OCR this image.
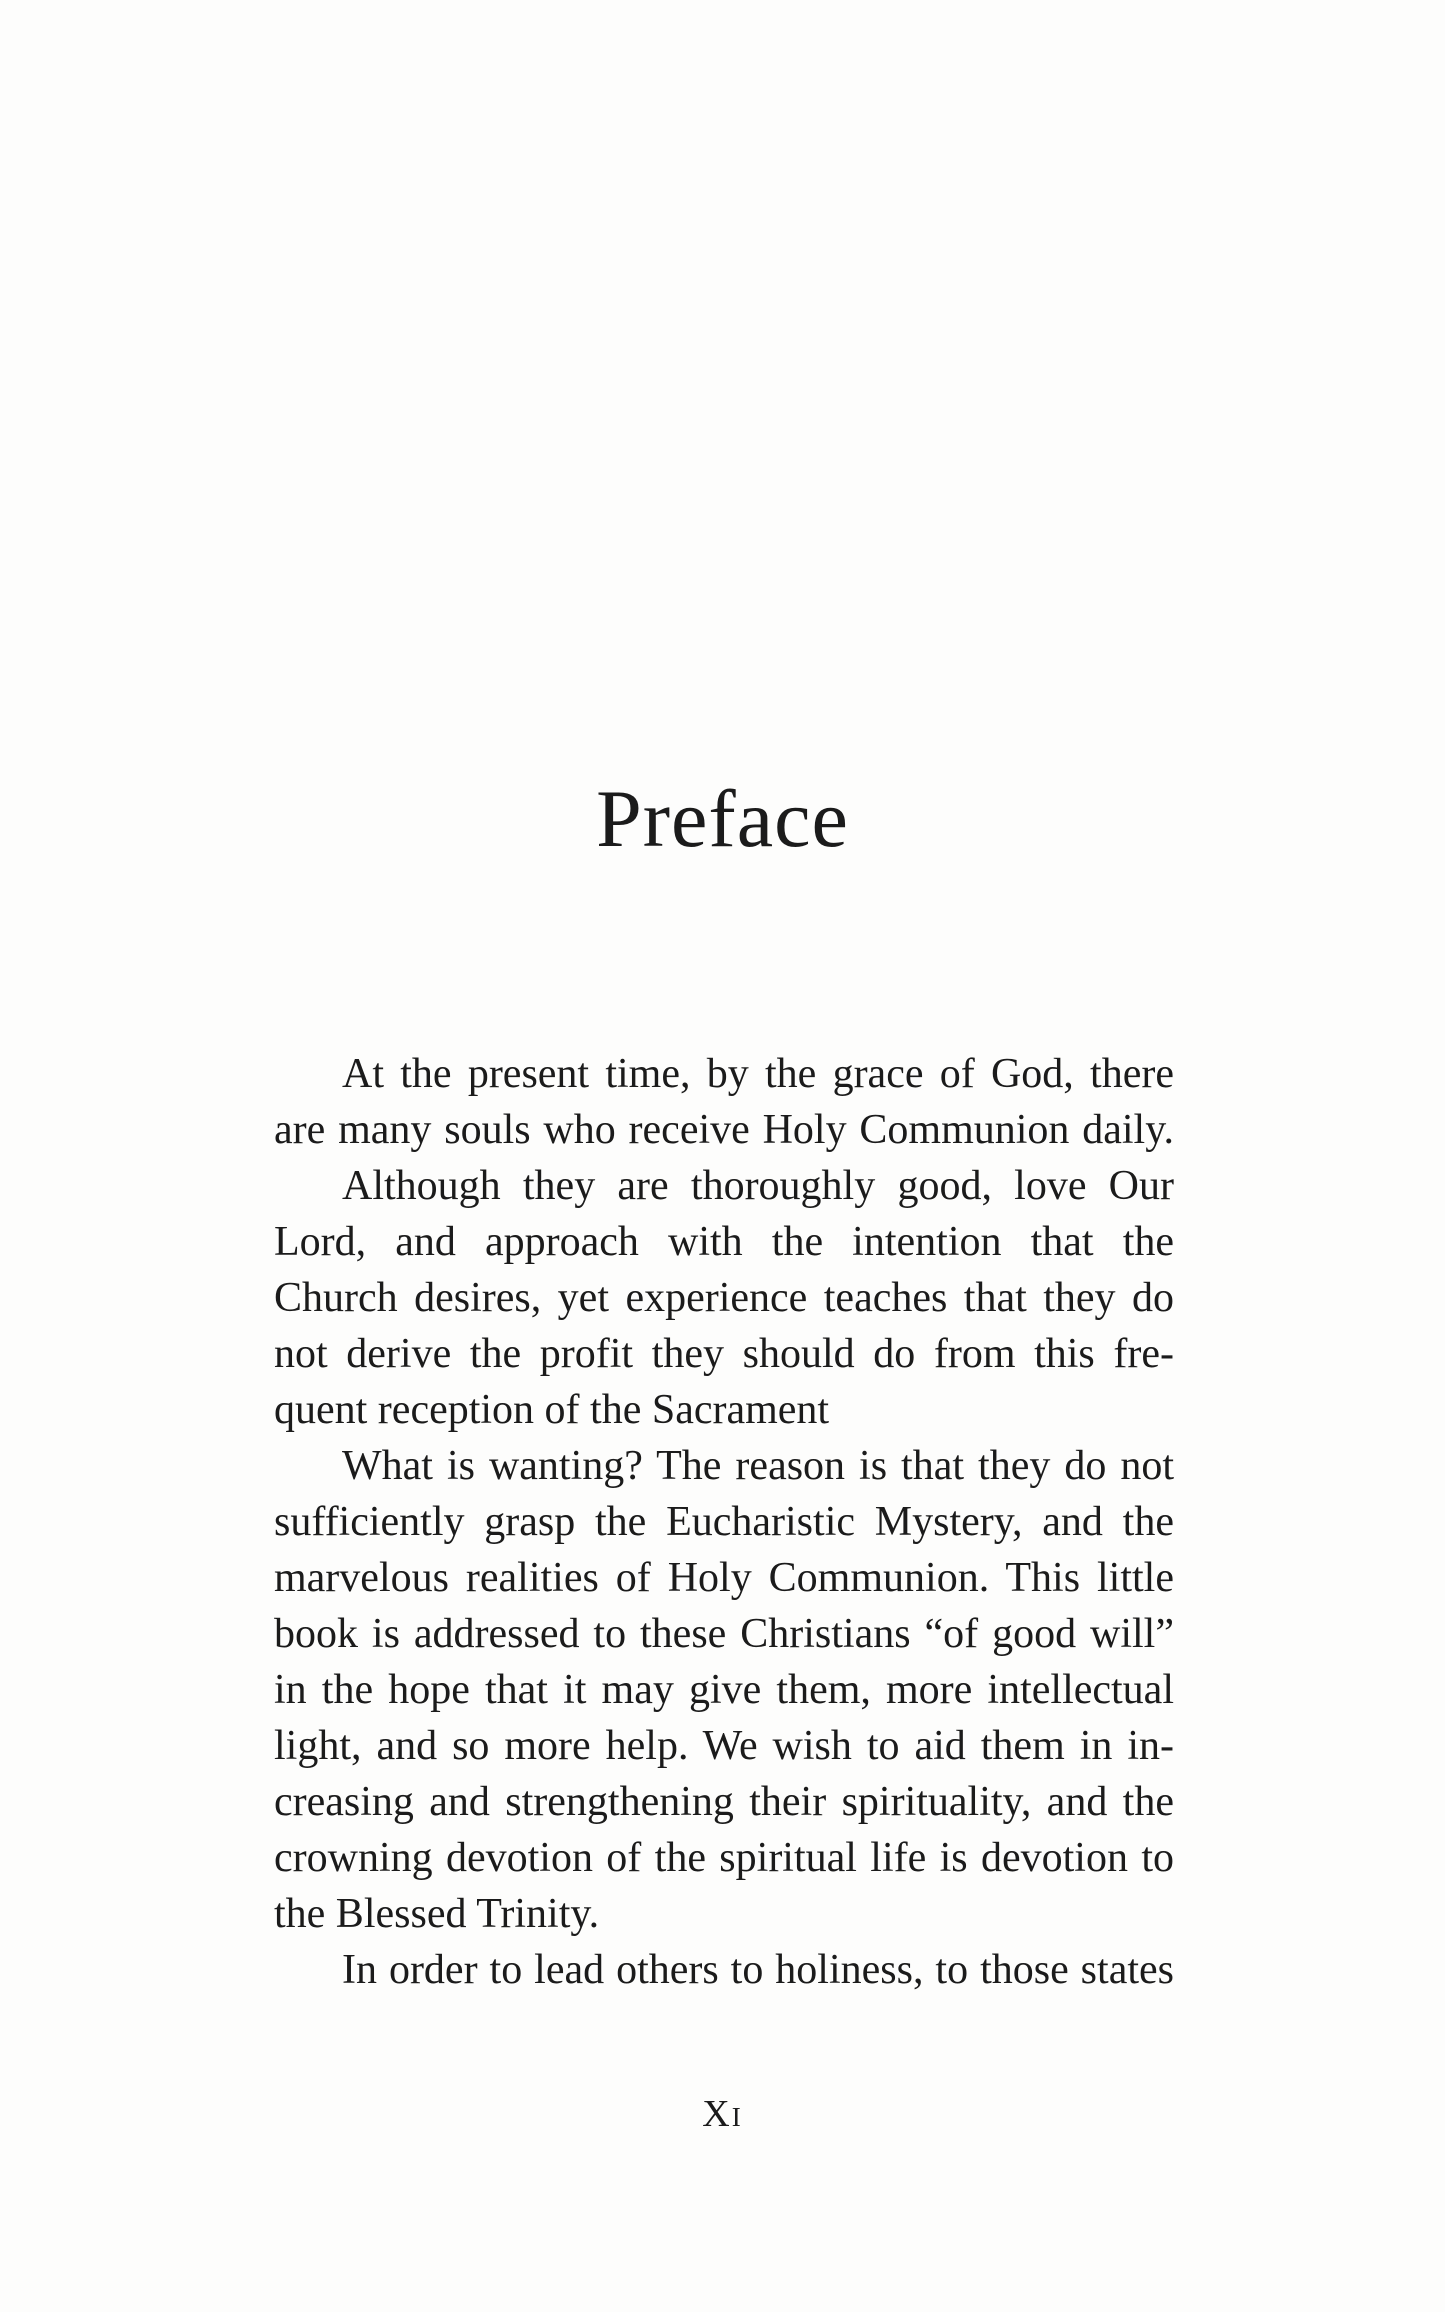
Preface
At the present time, by the grace of God, there
are many souls who receive Holy Communion daily.
Although they are thoroughly good, love Our
Lord, and approach with the intention that the
Church desires, yet experience teaches that they do
not derive the profit they should do from this fre-
quent reception of the Sacrament
What is wanting? The reason is that they do not
sufficiently grasp the Eucharistic Mystery, and the
marvelous realities of Holy Communion. This little
book is addressed to these Christians “of good will”
in the hope that it may give them, more intellectual
light, and so more help. We wish to aid them in in-
creasing and strengthening their spirituality, and the
crowning devotion of the spiritual life is devotion to
the Blessed Trinity.
In order to lead others to holiness, to those states
Xi
